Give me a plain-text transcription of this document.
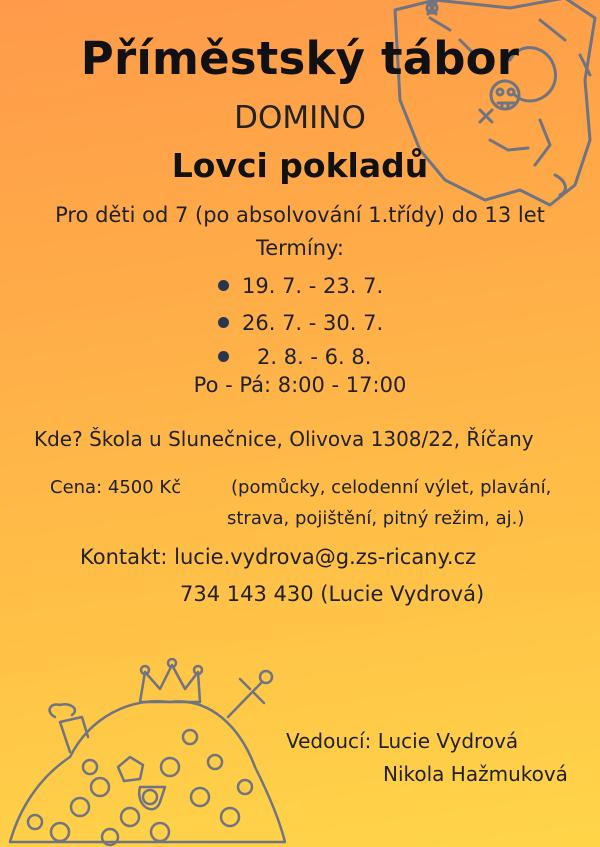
Příměstský tábor
DOMINO
Lovci pokladů
Pro děti od 7 (po absolvování 1.třídy) do 13 let
Termíny:
19. 7. - 23. 7.
26. 7. - 30. 7.
2. 8. - 6. 8.
Po - Pá: 8:00 - 17:00
Kde? Škola u Slunečnice, Olivova 1308/22, Říčany
Cena: 4500 Kč	(pomůcky, celodenní výlet, plavání,
strava, pojištění, pitný režim, aj.)
Kontakt: lucie.vydrova@g.zs-ricany.cz
734 143 430 (Lucie Vydrová)
Vedoucí: Lucie Vydrová
Nikola Hažmuková
